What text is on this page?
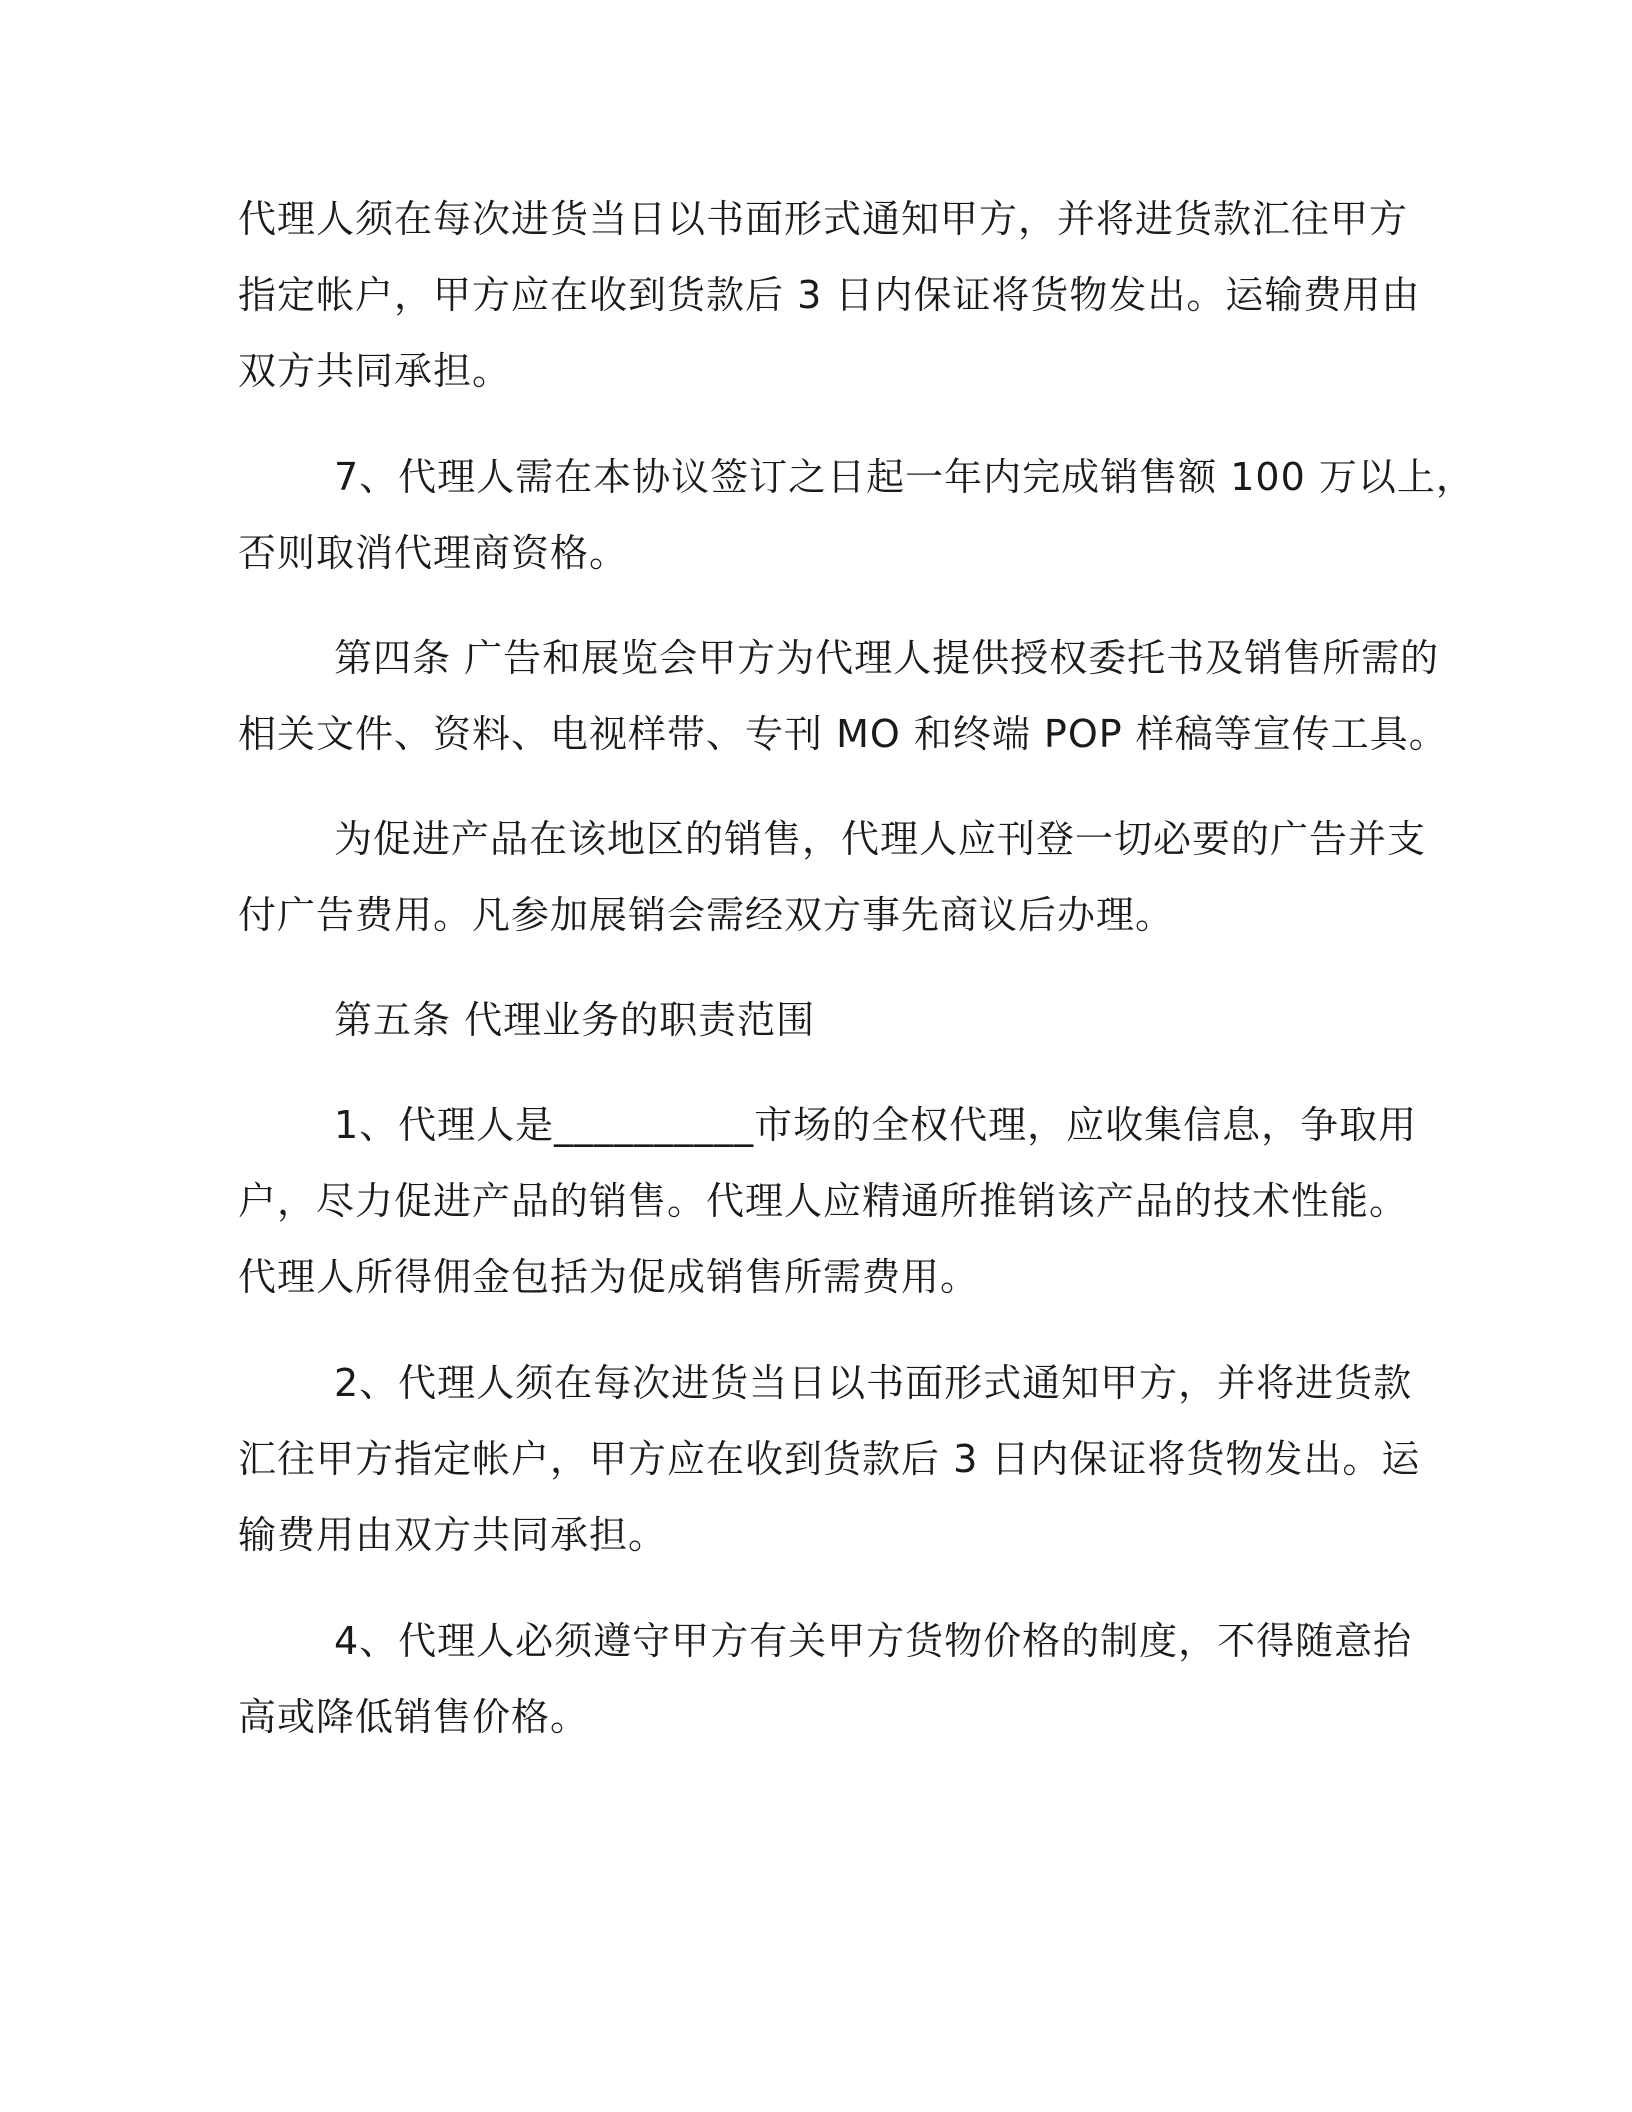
代理人须在每次进货当日以书面形式通知甲方，并将进货款汇往甲方
指定帐户，甲方应在收到货款后 3 日内保证将货物发出。运输费用由
双方共同承担。

7、代理人需在本协议签订之日起一年内完成销售额 100 万以上，
否则取消代理商资格。

第四条 广告和展览会甲方为代理人提供授权委托书及销售所需的
相关文件、资料、电视样带、专刊 MO 和终端 POP 样稿等宣传工具。

为促进产品在该地区的销售，代理人应刊登一切必要的广告并支
付广告费用。凡参加展销会需经双方事先商议后办理。

第五条 代理业务的职责范围

1、代理人是__________市场的全权代理，应收集信息，争取用
户，尽力促进产品的销售。代理人应精通所推销该产品的技术性能。
代理人所得佣金包括为促成销售所需费用。

2、代理人须在每次进货当日以书面形式通知甲方，并将进货款
汇往甲方指定帐户，甲方应在收到货款后 3 日内保证将货物发出。运
输费用由双方共同承担。

4、代理人必须遵守甲方有关甲方货物价格的制度，不得随意抬
高或降低销售价格。
